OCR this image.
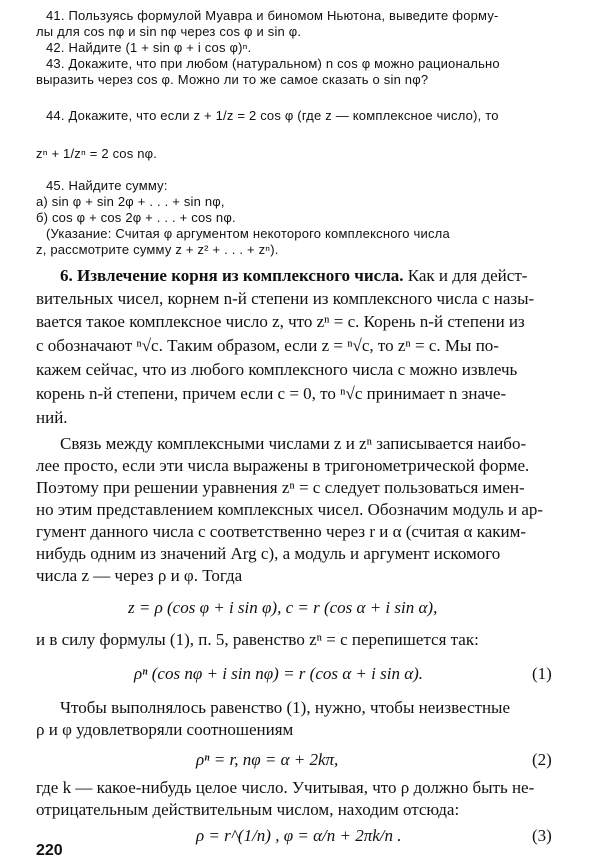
41. Пользуясь формулой Муавра и биномом Ньютона, выведите форму-
лы для cos nφ и sin nφ через cos φ и sin φ.
42. Найдите (1 + sin φ + i cos φ)ⁿ.
43. Докажите, что при любом (натуральном) n cos φ можно рационально
выразить через cos φ. Можно ли то же самое сказать о sin nφ?
44. Докажите, что если z + 1/z = 2 cos φ (где z — комплексное число), то
zⁿ + 1/zⁿ = 2 cos nφ.
45. Найдите сумму:
а) sin φ + sin 2φ + . . . + sin nφ,
б) cos φ + cos 2φ + . . . + cos nφ.
(Указание: Считая φ аргументом некоторого комплексного числа
z, рассмотрите сумму z + z² + . . . + zⁿ).
6. Извлечение корня из комплексного числа. Как и для дейст-
вительных чисел, корнем n-й степени из комплексного числа c назы-
вается такое комплексное число z, что zⁿ = c. Корень n-й степени из
c обозначают ⁿ√c. Таким образом, если z = ⁿ√c, то zⁿ = c. Мы по-
кажем сейчас, что из любого комплексного числа c можно извлечь
корень n-й степени, причем если c = 0, то ⁿ√c принимает n значе-
ний.
Связь между комплексными числами z и zⁿ записывается наибо-
лее просто, если эти числа выражены в тригонометрической форме.
Поэтому при решении уравнения zⁿ = c следует пользоваться имен-
но этим представлением комплексных чисел. Обозначим модуль и ар-
гумент данного числа c соответственно через r и α (считая α каким-
нибудь одним из значений Arg c), а модуль и аргумент искомого
числа z — через ρ и φ. Тогда
z = ρ (cos φ + i sin φ), c = r (cos α + i sin α),
и в силу формулы (1), п. 5, равенство zⁿ = c перепишется так:
ρⁿ (cos nφ + i sin nφ) = r (cos α + i sin α).	(1)
Чтобы выполнялось равенство (1), нужно, чтобы неизвестные
ρ и φ удовлетворяли соотношениям
ρⁿ = r, nφ = α + 2kπ,	(2)
где k — какое-нибудь целое число. Учитывая, что ρ должно быть не-
отрицательным действительным числом, находим отсюда:
ρ = r^(1/n) , φ = α/n + 2πk/n .	(3)
220
